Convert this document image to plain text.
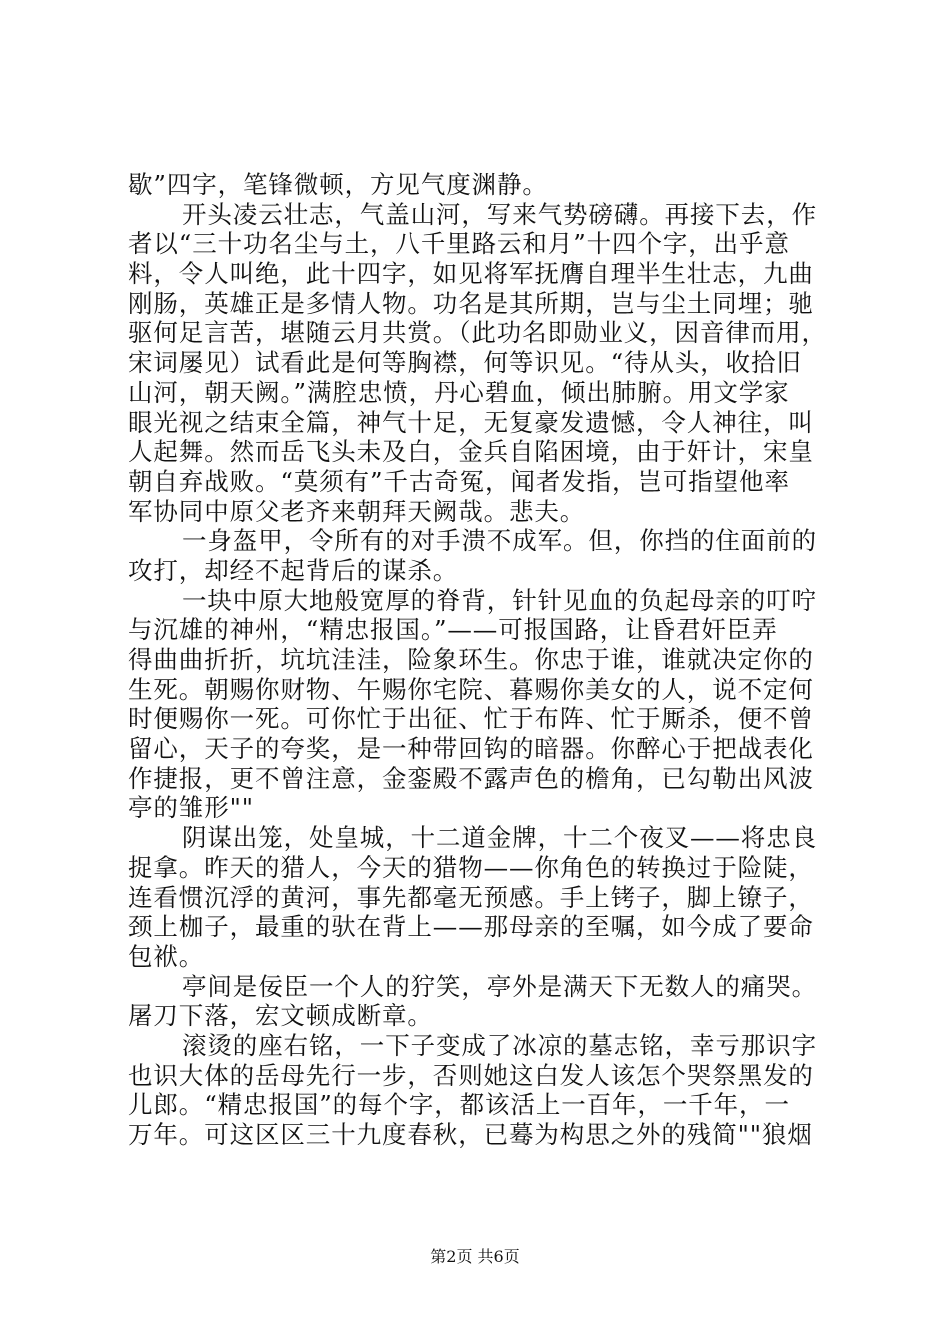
歇”四字，笔锋微顿，方见气度渊静。
开头凌云壮志，气盖山河，写来气势磅礴。再接下去，作
者以“三十功名尘与土，八千里路云和月”十四个字，出乎意
料，令人叫绝，此十四字，如见将军抚膺自理半生壮志，九曲
刚肠，英雄正是多情人物。功名是其所期，岂与尘土同埋；驰
驱何足言苦，堪随云月共赏。（此功名即勋业义，因音律而用，
宋词屡见）试看此是何等胸襟，何等识见。“待从头，收拾旧
山河，朝天阙。”满腔忠愤，丹心碧血，倾出肺腑。用文学家
眼光视之结束全篇，神气十足，无复豪发遗憾，令人神往，叫
人起舞。然而岳飞头未及白，金兵自陷困境，由于奸计，宋皇
朝自弃战败。“莫须有”千古奇冤，闻者发指，岂可指望他率
军协同中原父老齐来朝拜天阙哉。悲夫。
一身盔甲，令所有的对手溃不成军。但，你挡的住面前的
攻打，却经不起背后的谋杀。
一块中原大地般宽厚的脊背，针针见血的负起母亲的叮咛
与沉雄的神州，“精忠报国。”——可报国路，让昏君奸臣弄
得曲曲折折，坑坑洼洼，险象环生。你忠于谁，谁就决定你的
生死。朝赐你财物、午赐你宅院、暮赐你美女的人，说不定何
时便赐你一死。可你忙于出征、忙于布阵、忙于厮杀，便不曾
留心，天子的夸奖，是一种带回钩的暗器。你醉心于把战表化
作捷报，更不曾注意，金銮殿不露声色的檐角，已勾勒出风波
亭的雏形""
阴谋出笼，处皇城，十二道金牌，十二个夜叉——将忠良
捉拿。昨天的猎人，今天的猎物——你角色的转换过于险陡，
连看惯沉浮的黄河，事先都毫无预感。手上铐子，脚上镣子，
颈上枷子，最重的驮在背上——那母亲的至嘱，如今成了要命
包袱。
亭间是佞臣一个人的狞笑，亭外是满天下无数人的痛哭。
屠刀下落，宏文顿成断章。
滚烫的座右铭，一下子变成了冰凉的墓志铭，幸亏那识字
也识大体的岳母先行一步，否则她这白发人该怎个哭祭黑发的
儿郎。“精忠报国”的每个字，都该活上一百年，一千年，一
万年。可这区区三十九度春秋，已蓦为构思之外的残简""狼烟
第2页 共6页
